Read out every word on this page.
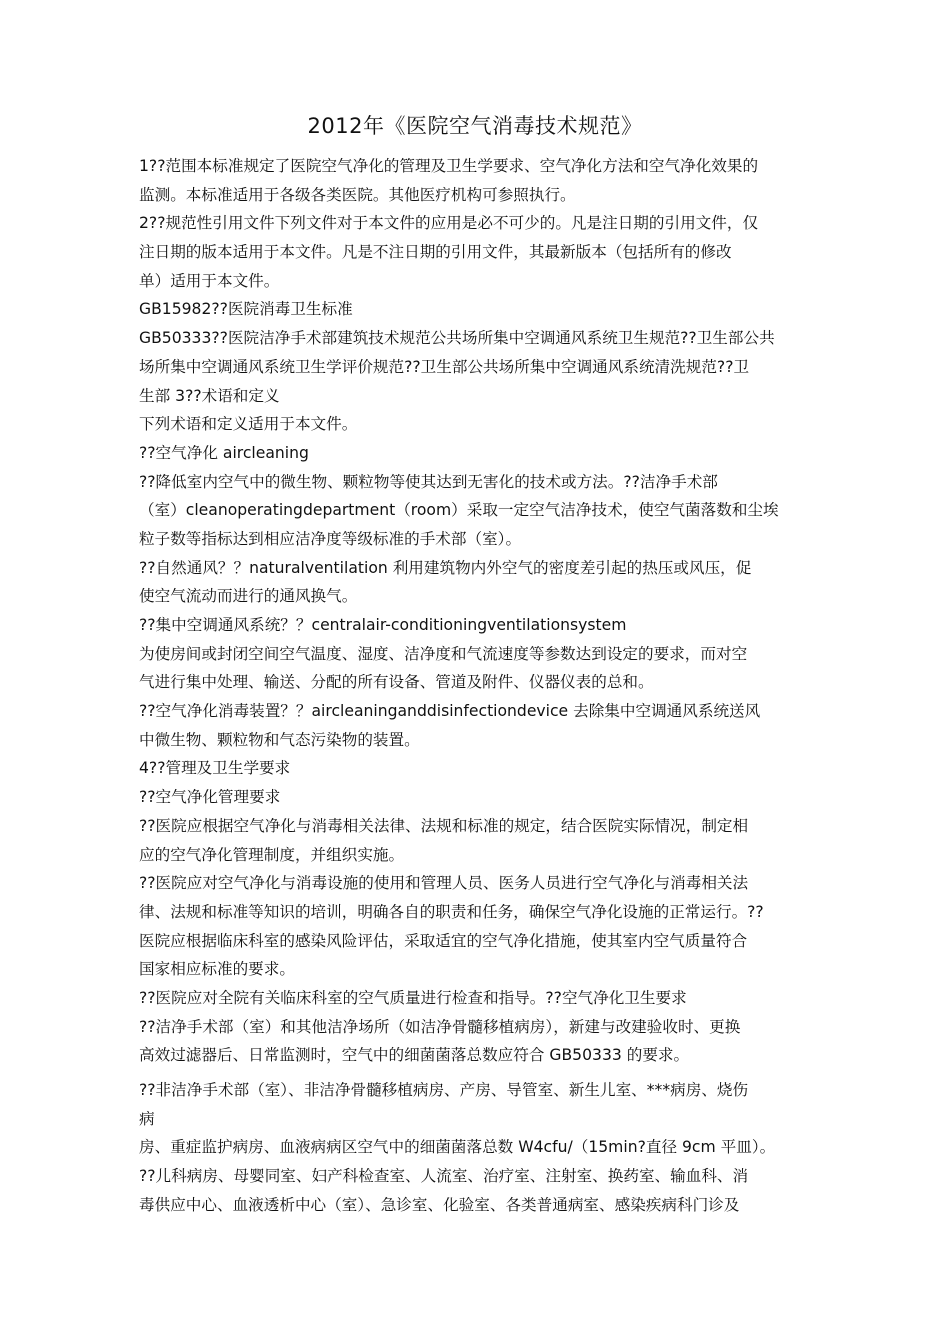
2012年《医院空气消毒技术规范》
1??范围本标准规定了医院空气净化的管理及卫生学要求、空气净化方法和空气净化效果的
监测。本标准适用于各级各类医院。其他医疗机构可参照执行。
2??规范性引用文件下列文件对于本文件的应用是必不可少的。凡是注日期的引用文件，仅
注日期的版本适用于本文件。凡是不注日期的引用文件，其最新版本（包括所有的修改
单）适用于本文件。
GB15982??医院消毒卫生标准
GB50333??医院洁净手术部建筑技术规范公共场所集中空调通风系统卫生规范??卫生部公共
场所集中空调通风系统卫生学评价规范??卫生部公共场所集中空调通风系统清洗规范??卫
生部 3??术语和定义
下列术语和定义适用于本文件。
??空气净化 aircleaning
??降低室内空气中的微生物、颗粒物等使其达到无害化的技术或方法。??洁净手术部
（室）cleanoperatingdepartment（room）采取一定空气洁净技术，使空气菌落数和尘埃
粒子数等指标达到相应洁净度等级标准的手术部（室）。
??自然通风？？naturalventilation 利用建筑物内外空气的密度差引起的热压或风压，促
使空气流动而进行的通风换气。
??集中空调通风系统？？centralair-conditioningventilationsystem
为使房间或封闭空间空气温度、湿度、洁净度和气流速度等参数达到设定的要求，而对空
气进行集中处理、输送、分配的所有设备、管道及附件、仪器仪表的总和。
??空气净化消毒装置？？aircleaninganddisinfectiondevice 去除集中空调通风系统送风
中微生物、颗粒物和气态污染物的装置。
4??管理及卫生学要求
??空气净化管理要求
??医院应根据空气净化与消毒相关法律、法规和标准的规定，结合医院实际情况，制定相
应的空气净化管理制度，并组织实施。
??医院应对空气净化与消毒设施的使用和管理人员、医务人员进行空气净化与消毒相关法
律、法规和标准等知识的培训，明确各自的职责和任务，确保空气净化设施的正常运行。??
医院应根据临床科室的感染风险评估，采取适宜的空气净化措施，使其室内空气质量符合
国家相应标准的要求。
??医院应对全院有关临床科室的空气质量进行检查和指导。??空气净化卫生要求
??洁净手术部（室）和其他洁净场所（如洁净骨髓移植病房），新建与改建验收时、更换
高效过滤器后、日常监测时，空气中的细菌菌落总数应符合 GB50333 的要求。
??非洁净手术部（室）、非洁净骨髓移植病房、产房、导管室、新生儿室、***病房、烧伤
病
房、重症监护病房、血液病病区空气中的细菌菌落总数 W4cfu/（15min?直径 9cm 平皿）。
??儿科病房、母婴同室、妇产科检查室、人流室、治疗室、注射室、换药室、输血科、消
毒供应中心、血液透析中心（室）、急诊室、化验室、各类普通病室、感染疾病科门诊及
